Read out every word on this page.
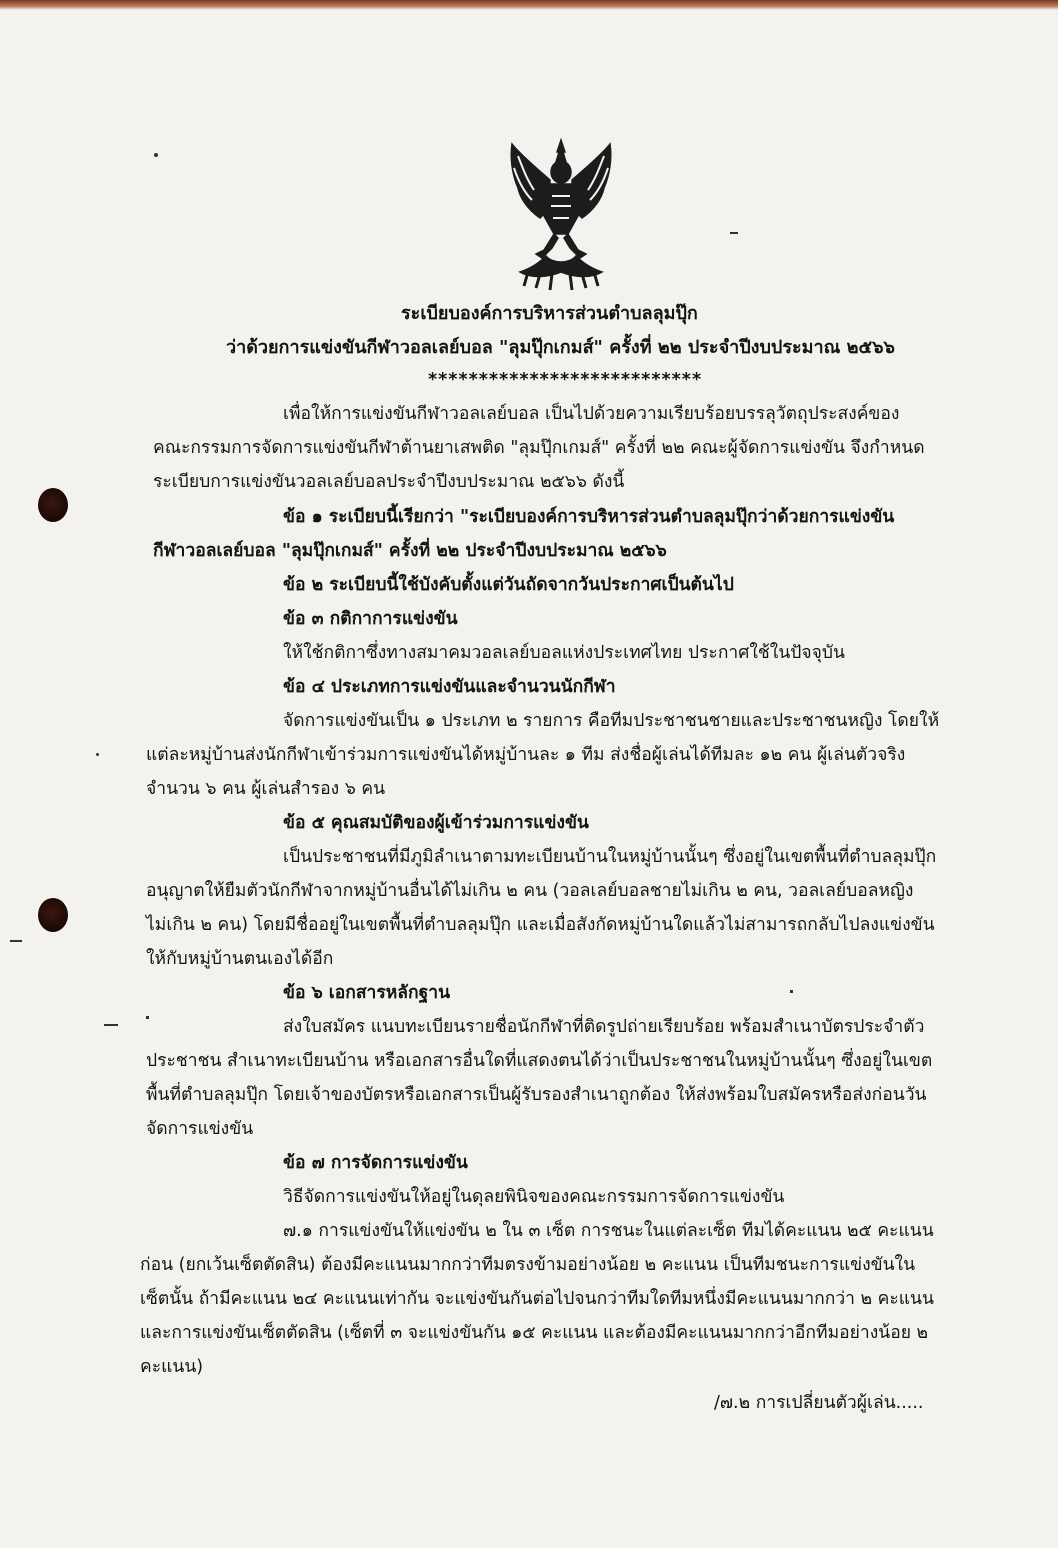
ระเบียบองค์การบริหารส่วนตำบลลุมปุ๊ก
ว่าด้วยการแข่งขันกีฬาวอลเลย์บอล "ลุมปุ๊กเกมส์" ครั้งที่ ๒๒ ประจำปีงบประมาณ ๒๕๖๖
***************************
เพื่อให้การแข่งขันกีฬาวอลเลย์บอล เป็นไปด้วยความเรียบร้อยบรรลุวัตถุประสงค์ของ
คณะกรรมการจัดการแข่งขันกีฬาต้านยาเสพติด "ลุมปุ๊กเกมส์" ครั้งที่ ๒๒ คณะผู้จัดการแข่งขัน จึงกำหนด
ระเบียบการแข่งขันวอลเลย์บอลประจำปีงบประมาณ ๒๕๖๖ ดังนี้
ข้อ ๑ ระเบียบนี้เรียกว่า "ระเบียบองค์การบริหารส่วนตำบลลุมปุ๊กว่าด้วยการแข่งขัน
กีฬาวอลเลย์บอล "ลุมปุ๊กเกมส์" ครั้งที่ ๒๒ ประจำปีงบประมาณ ๒๕๖๖
ข้อ ๒ ระเบียบนี้ใช้บังคับตั้งแต่วันถัดจากวันประกาศเป็นต้นไป
ข้อ ๓ กติกาการแข่งขัน
ให้ใช้กติกาซึ่งทางสมาคมวอลเลย์บอลแห่งประเทศไทย ประกาศใช้ในปัจจุบัน
ข้อ ๔ ประเภทการแข่งขันและจำนวนนักกีฬา
จัดการแข่งขันเป็น ๑ ประเภท ๒ รายการ คือทีมประชาชนชายและประชาชนหญิง โดยให้
แต่ละหมู่บ้านส่งนักกีฬาเข้าร่วมการแข่งขันได้หมู่บ้านละ ๑ ทีม ส่งชื่อผู้เล่นได้ทีมละ ๑๒ คน ผู้เล่นตัวจริง
จำนวน ๖ คน ผู้เล่นสำรอง ๖ คน
ข้อ ๕ คุณสมบัติของผู้เข้าร่วมการแข่งขัน
เป็นประชาชนที่มีภูมิลำเนาตามทะเบียนบ้านในหมู่บ้านนั้นๆ ซึ่งอยู่ในเขตพื้นที่ตำบลลุมปุ๊ก
อนุญาตให้ยืมตัวนักกีฬาจากหมู่บ้านอื่นได้ไม่เกิน ๒ คน (วอลเลย์บอลชายไม่เกิน ๒ คน, วอลเลย์บอลหญิง
ไม่เกิน ๒ คน) โดยมีชื่ออยู่ในเขตพื้นที่ตำบลลุมปุ๊ก และเมื่อสังกัดหมู่บ้านใดแล้วไม่สามารถกลับไปลงแข่งขัน
ให้กับหมู่บ้านตนเองได้อีก
ข้อ ๖ เอกสารหลักฐาน
ส่งใบสมัคร แนบทะเบียนรายชื่อนักกีฬาที่ติดรูปถ่ายเรียบร้อย พร้อมสำเนาบัตรประจำตัว
ประชาชน สำเนาทะเบียนบ้าน หรือเอกสารอื่นใดที่แสดงตนได้ว่าเป็นประชาชนในหมู่บ้านนั้นๆ ซึ่งอยู่ในเขต
พื้นที่ตำบลลุมปุ๊ก โดยเจ้าของบัตรหรือเอกสารเป็นผู้รับรองสำเนาถูกต้อง ให้ส่งพร้อมใบสมัครหรือส่งก่อนวัน
จัดการแข่งขัน
ข้อ ๗ การจัดการแข่งขัน
วิธีจัดการแข่งขันให้อยู่ในดุลยพินิจของคณะกรรมการจัดการแข่งขัน
๗.๑ การแข่งขันให้แข่งขัน ๒ ใน ๓ เซ็ต การชนะในแต่ละเซ็ต ทีมได้คะแนน ๒๕ คะแนน
ก่อน (ยกเว้นเซ็ตตัดสิน) ต้องมีคะแนนมากกว่าทีมตรงข้ามอย่างน้อย ๒ คะแนน เป็นทีมชนะการแข่งขันใน
เซ็ตนั้น ถ้ามีคะแนน ๒๔ คะแนนเท่ากัน จะแข่งขันกันต่อไปจนกว่าทีมใดทีมหนึ่งมีคะแนนมากกว่า ๒ คะแนน
และการแข่งขันเซ็ตตัดสิน (เซ็ตที่ ๓ จะแข่งขันกัน ๑๕ คะแนน และต้องมีคะแนนมากกว่าอีกทีมอย่างน้อย ๒
คะแนน)
/๗.๒ การเปลี่ยนตัวผู้เล่น.....
